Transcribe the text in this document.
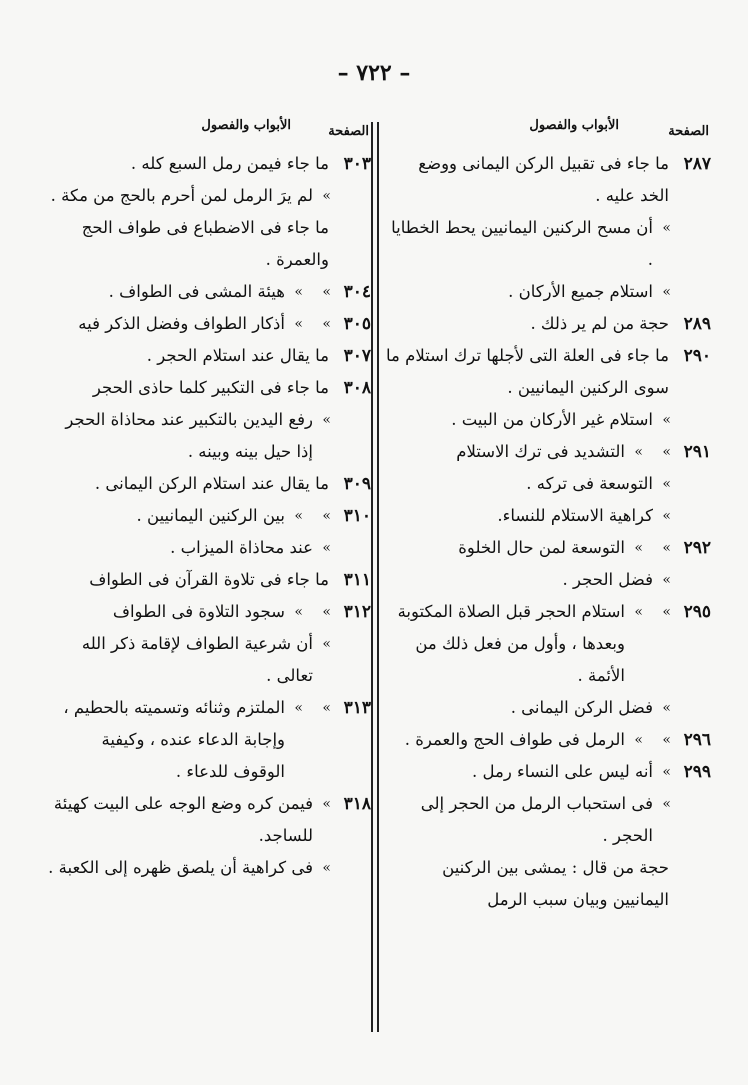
– ٧٢٢ –
الصفحة
الأبواب والفصول
٢٨٧
ما جاء فى تقبيل الركن اليمانى ووضع الخد عليه .
»
أن مسح الركنين اليمانيين يحط الخطايا .
»
استلام جميع الأركان .
٢٨٩
حجة من لم ير ذلك .
٢٩٠
ما جاء فى العلة التى لأجلها ترك استلام ما سوى الركنين اليمانيين .
»
استلام غير الأركان من البيت .
٢٩١
»
»
التشديد فى ترك الاستلام
»
التوسعة فى تركه .
»
كراهية الاستلام للنساء.
٢٩٢
»
»
التوسعة لمن حال الخلوة
»
فضل الحجر .
٢٩٥
»
»
استلام الحجر قبل الصلاة المكتوبة وبعدها ، وأول من فعل ذلك من الأئمة .
»
فضل الركن اليمانى .
٢٩٦
»
»
الرمل فى طواف الحج والعمرة .
٢٩٩
»
أنه ليس على النساء رمل .
»
فى استحباب الرمل من الحجر إلى الحجر .
حجة من قال : يمشى بين الركنين اليمانيين وبيان سبب الرمل
الصفحة
الأبواب والفصول
٣٠٣
ما جاء فيمن رمل السبع كله .
»
لم يرَ الرمل لمن أحرم بالحج من مكة .
ما جاء فى الاضطباع فى طواف الحج والعمرة .
٣٠٤
»
»
هيئة المشى فى الطواف .
٣٠٥
»
»
أذكار الطواف وفضل الذكر فيه
٣٠٧
ما يقال عند استلام الحجر .
٣٠٨
ما جاء فى التكبير كلما حاذى الحجر
»
رفع اليدين بالتكبير عند محاذاة الحجر إذا حيل بينه وبينه .
٣٠٩
ما يقال عند استلام الركن اليمانى .
٣١٠
»
»
بين الركنين اليمانيين .
»
عند محاذاة الميزاب .
٣١١
ما جاء فى تلاوة القرآن فى الطواف
٣١٢
»
»
سجود التلاوة فى الطواف
»
أن شرعية الطواف لإقامة ذكر الله تعالى .
٣١٣
»
»
الملتزم وثنائه وتسميته بالحطيم ، وإجابة الدعاء عنده ، وكيفية الوقوف للدعاء .
٣١٨
»
فيمن كره وضع الوجه على البيت كهيئة للساجد.
»
فى كراهية أن يلصق ظهره إلى الكعبة .
